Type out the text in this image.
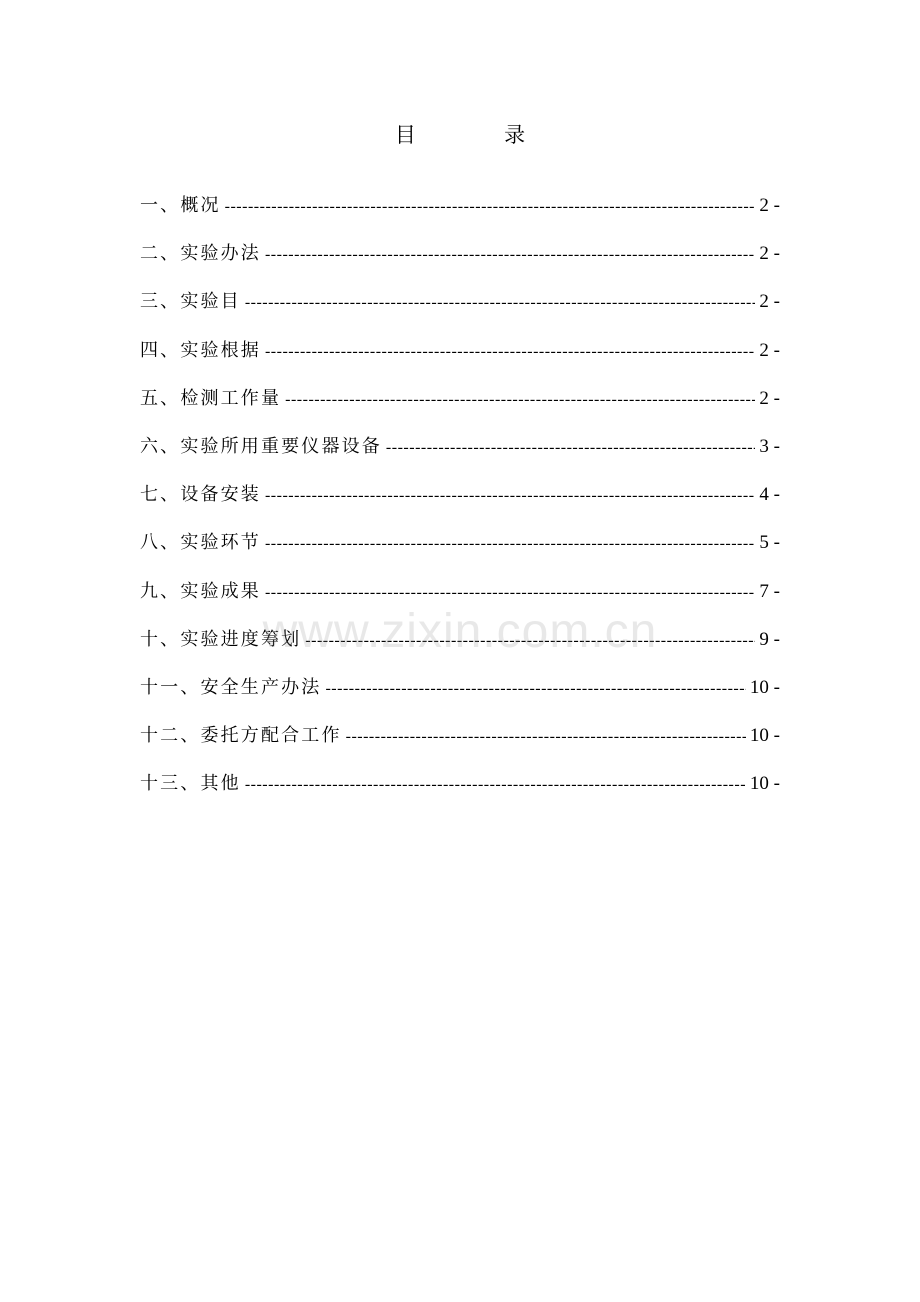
目　录
一、概况 -----	2 -
二、实验办法 -----	2 -
三、实验目 -----	2 -
四、实验根据 -----	2 -
五、检测工作量 -----	2 -
六、实验所用重要仪器设备 -----	3 -
七、设备安装 -----	4 -
八、实验环节 -----	5 -
九、实验成果 -----	7 -
十、实验进度筹划 -----	9 -
十一、安全生产办法 -----	10 -
十二、委托方配合工作 -----	10 -
十三、其他 -----	10 -
www.zixin.com.cn
